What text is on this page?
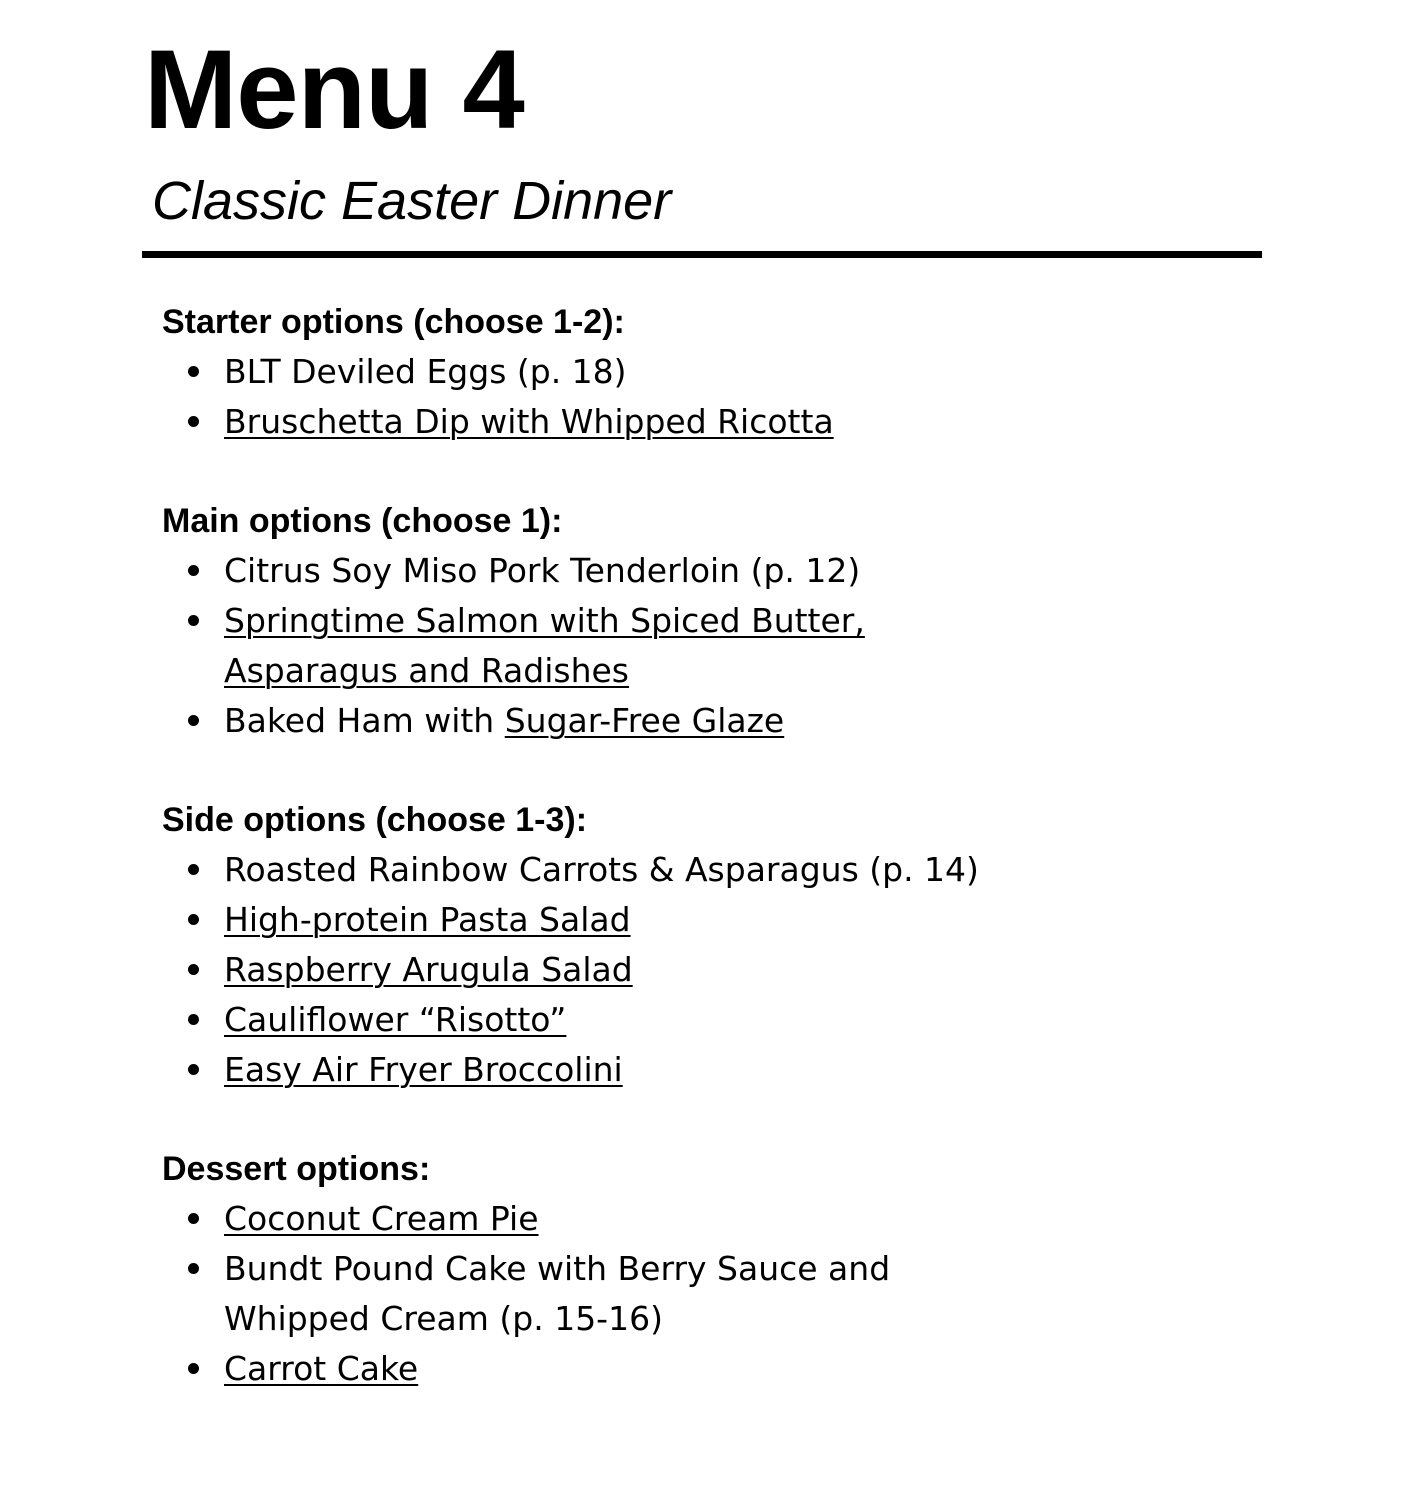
Menu 4
Classic Easter Dinner
Starter options (choose 1-2):
BLT Deviled Eggs (p. 18)
Bruschetta Dip with Whipped Ricotta
Main options (choose 1):
Citrus Soy Miso Pork Tenderloin (p. 12)
Springtime Salmon with Spiced Butter, Asparagus and Radishes
Baked Ham with Sugar-Free Glaze
Side options (choose 1-3):
Roasted Rainbow Carrots & Asparagus (p. 14)
High-protein Pasta Salad
Raspberry Arugula Salad
Cauliflower “Risotto”
Easy Air Fryer Broccolini
Dessert options:
Coconut Cream Pie
Bundt Pound Cake with Berry Sauce and Whipped Cream (p. 15-16)
Carrot Cake
